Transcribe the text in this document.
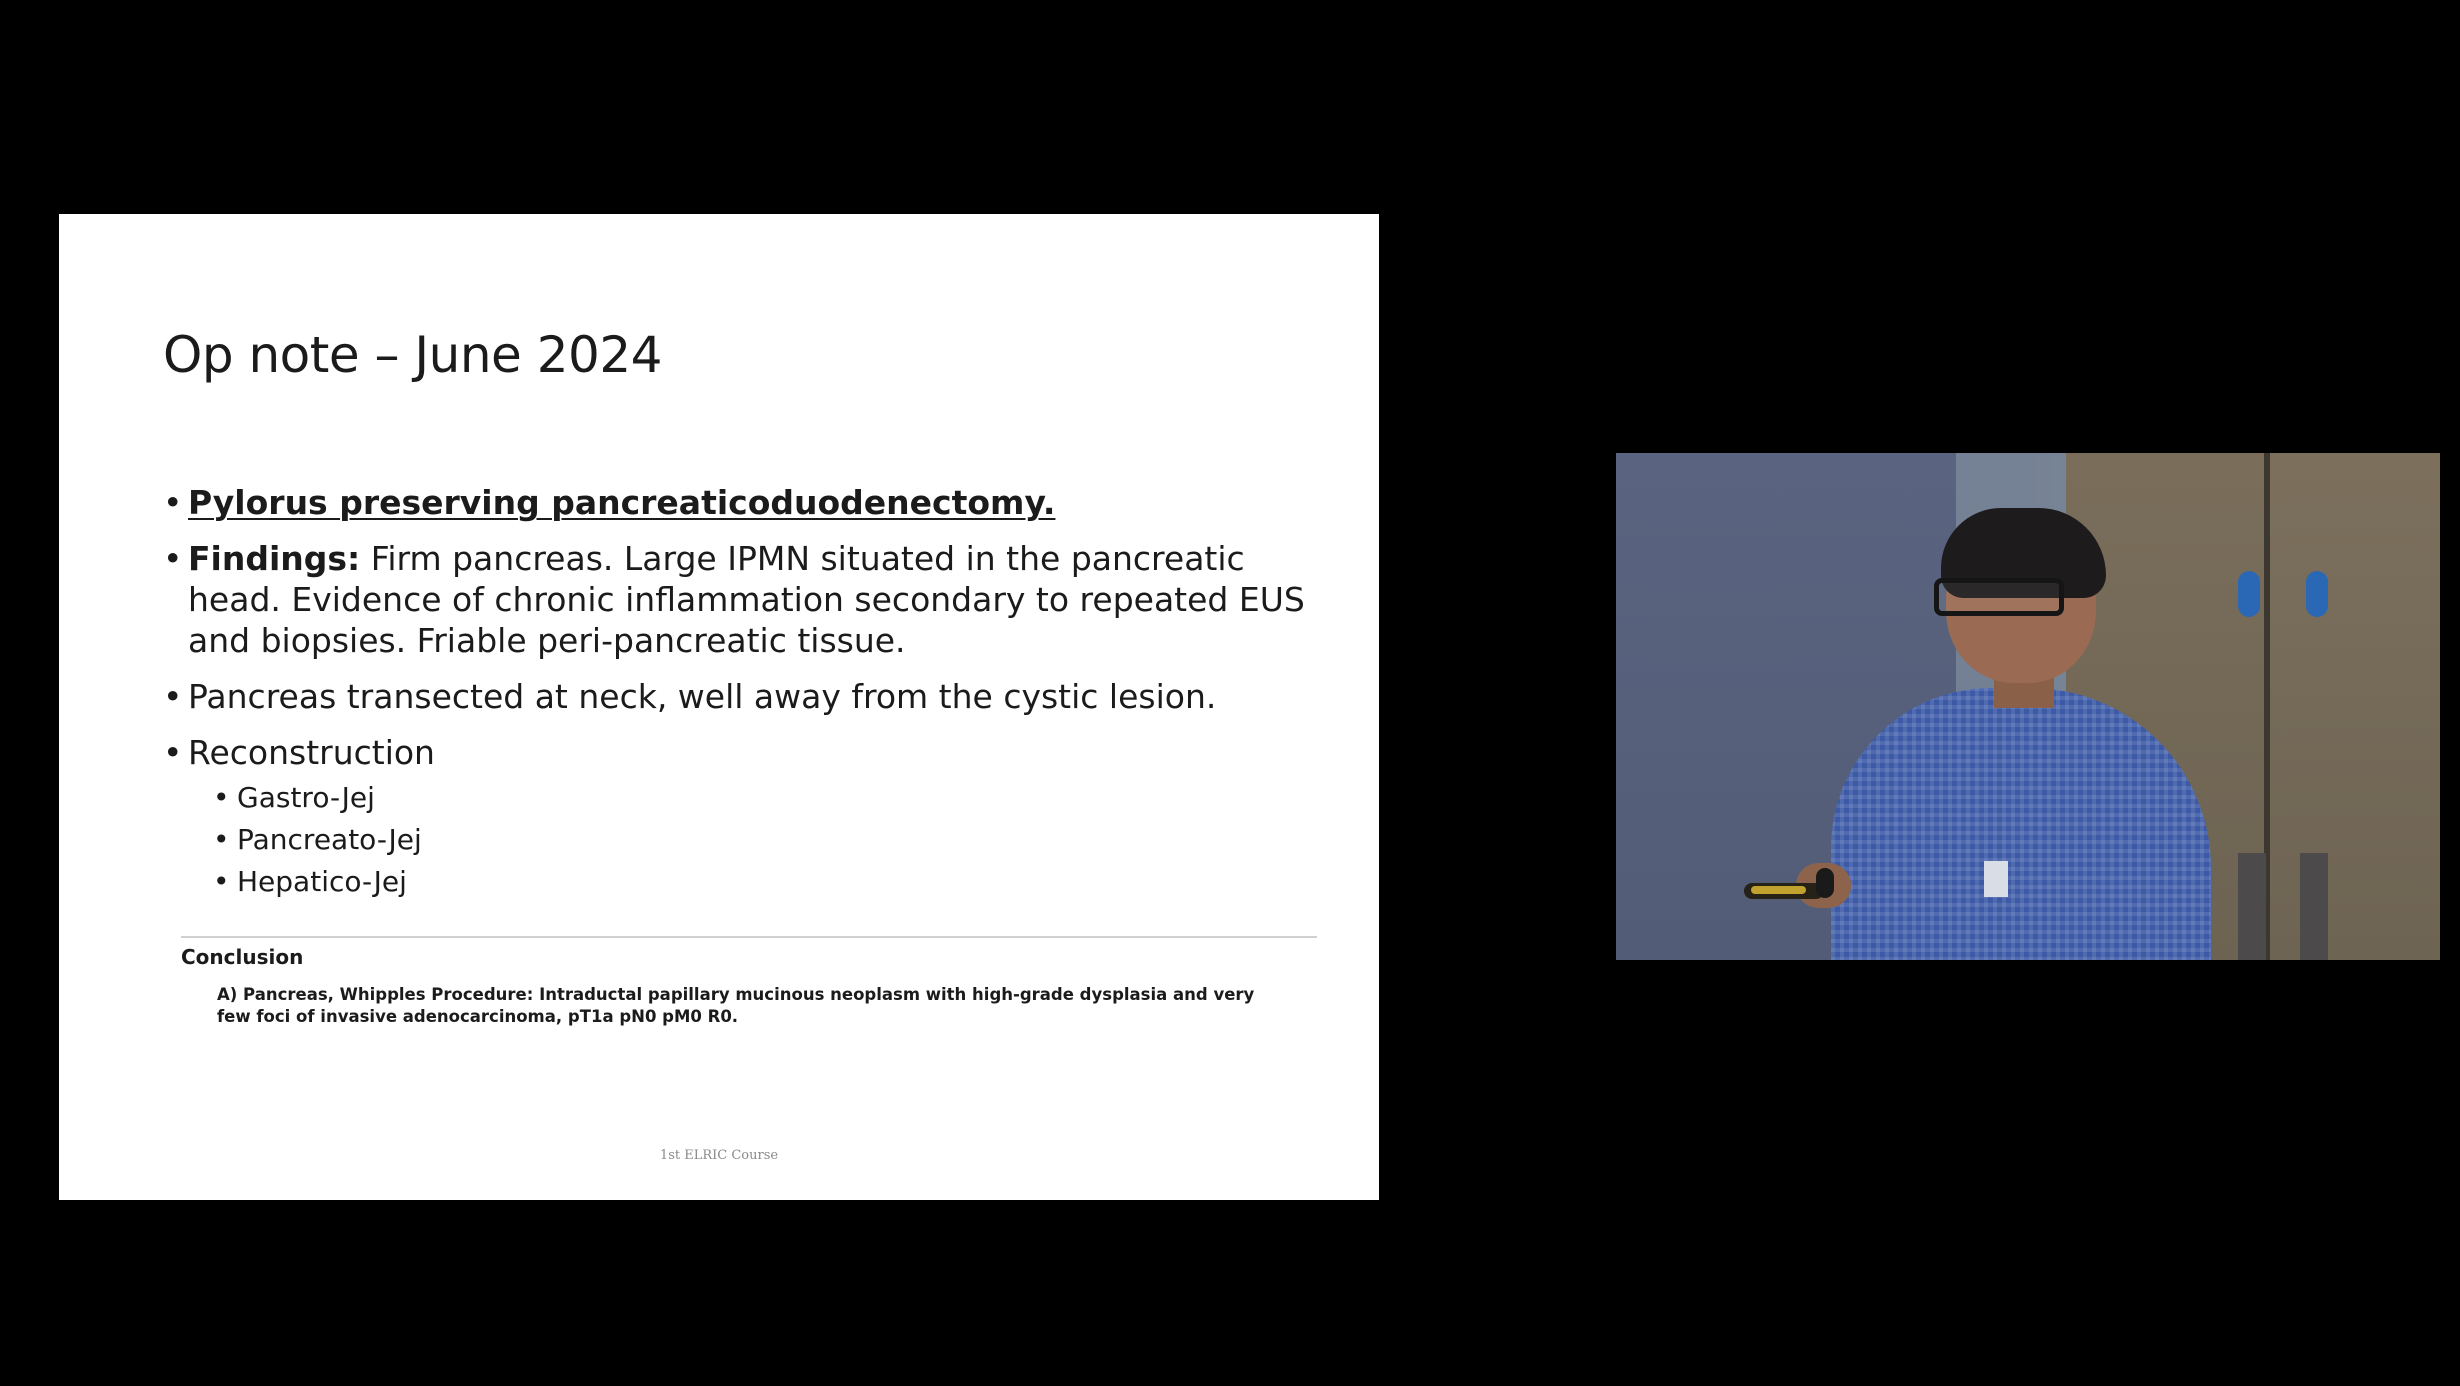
Op note – June 2024
• Pylorus preserving pancreaticoduodenectomy.
• Findings: Firm pancreas. Large IPMN situated in the pancreatic head. Evidence of chronic inflammation secondary to repeated EUS and biopsies. Friable peri-pancreatic tissue.
• Pancreas transected at neck, well away from the cystic lesion.
• Reconstruction
• Gastro-Jej
• Pancreato-Jej
• Hepatico-Jej

Conclusion

A) Pancreas, Whipples Procedure: Intraductal papillary mucinous neoplasm with high-grade dysplasia and very few foci of invasive adenocarcinoma, pT1a pN0 pM0 R0.

1st ELRIC Course
